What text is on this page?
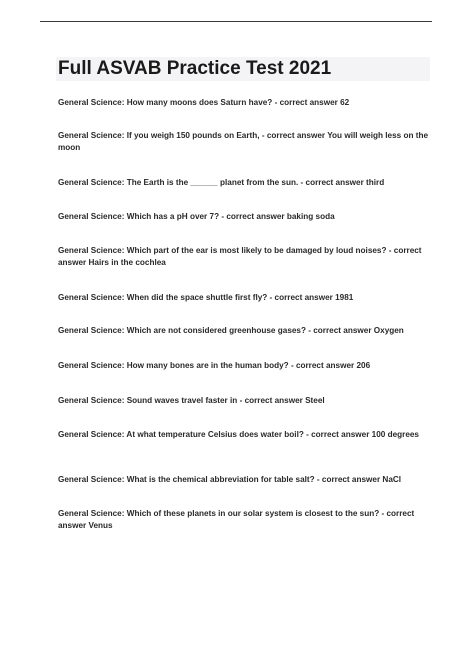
Full ASVAB Practice Test 2021

General Science: How many moons does Saturn have? - correct answer 62

General Science: If you weigh 150 pounds on Earth, - correct answer You will weigh less on the moon

General Science: The Earth is the ______ planet from the sun. - correct answer third

General Science: Which has a pH over 7? - correct answer baking soda

General Science: Which part of the ear is most likely to be damaged by loud noises? - correct answer Hairs in the cochlea

General Science: When did the space shuttle first fly? - correct answer 1981

General Science: Which are not considered greenhouse gases? - correct answer Oxygen

General Science: How many bones are in the human body? - correct answer 206

General Science: Sound waves travel faster in - correct answer Steel

General Science: At what temperature Celsius does water boil? - correct answer 100 degrees

General Science: What is the chemical abbreviation for table salt? - correct answer NaCl

General Science: Which of these planets in our solar system is closest to the sun? - correct answer Venus
